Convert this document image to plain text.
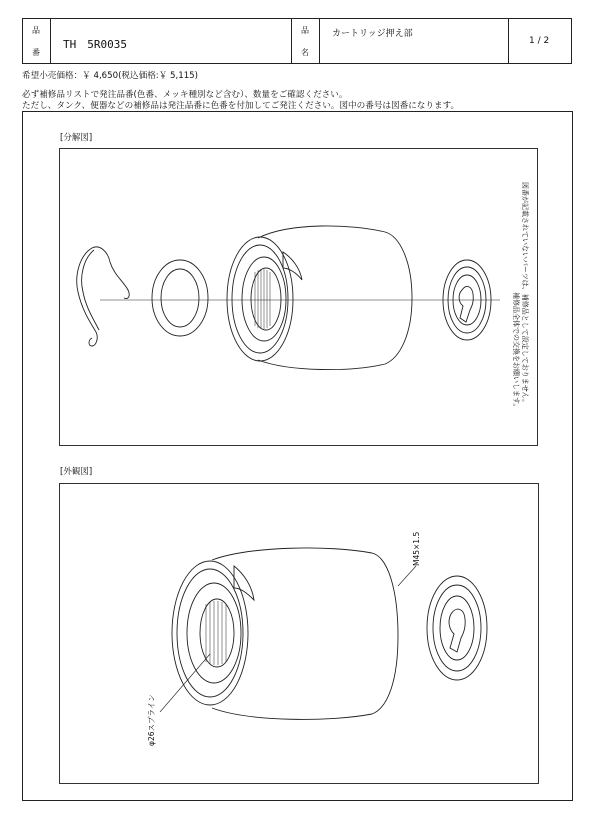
品
番
TH　5R0035
品
名
カートリッジ押え部
1 / 2
希望小売価格：￥ 4,650(税込価格:￥ 5,115)
必ず補修品リストで発注品番(色番、メッキ種別など含む）、数量をご確認ください。
ただし、タンク、便器などの補修品は発注品番に色番を付加してご発注ください。図中の番号は図番になります。
[分解図]
図番が記載されていないパーツは、補修品として設定しておりません。
補修品全体での交換をお願いします。
[外観図]
M45×1.5
φ26スプライン
